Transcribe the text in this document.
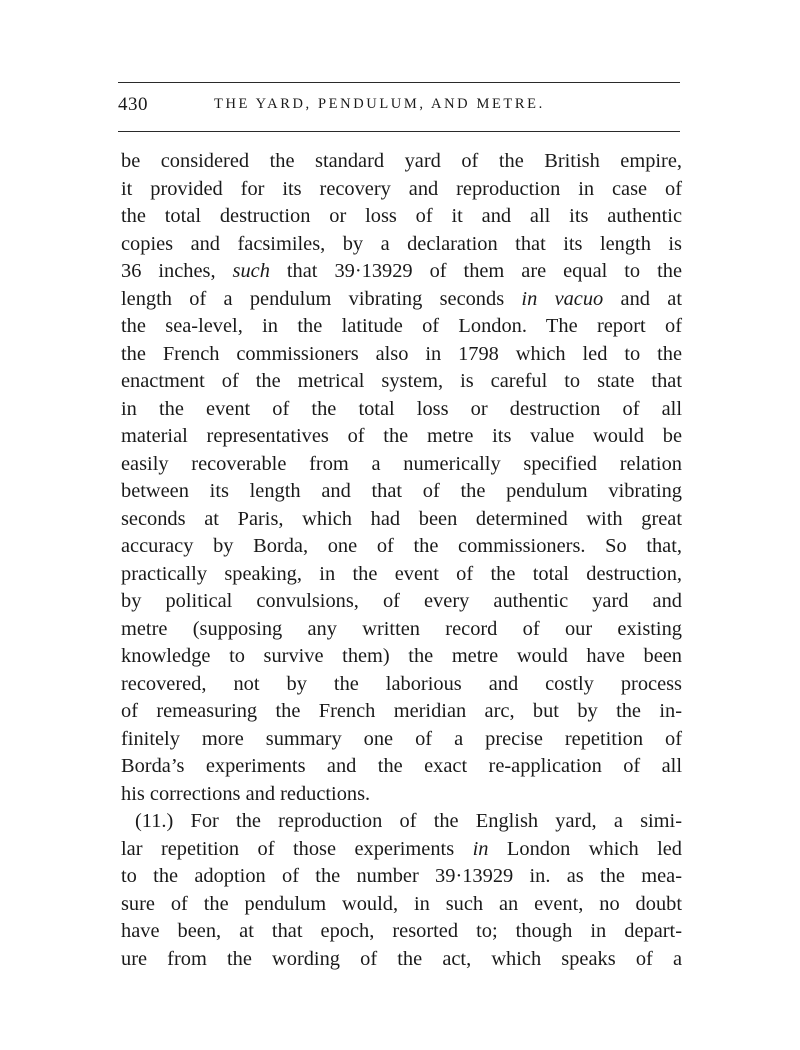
430	THE YARD, PENDULUM, AND METRE.
be considered the standard yard of the British empire,
it provided for its recovery and reproduction in case of
the total destruction or loss of it and all its authentic
copies and facsimiles, by a declaration that its length is
36 inches, such that 39·13929 of them are equal to the
length of a pendulum vibrating seconds in vacuo and at
the sea-level, in the latitude of London. The report of
the French commissioners also in 1798 which led to the
enactment of the metrical system, is careful to state that
in the event of the total loss or destruction of all
material representatives of the metre its value would be
easily recoverable from a numerically specified relation
between its length and that of the pendulum vibrating
seconds at Paris, which had been determined with great
accuracy by Borda, one of the commissioners. So that,
practically speaking, in the event of the total destruction,
by political convulsions, of every authentic yard and
metre (supposing any written record of our existing
knowledge to survive them) the metre would have been
recovered, not by the laborious and costly process
of remeasuring the French meridian arc, but by the in-
finitely more summary one of a precise repetition of
Borda’s experiments and the exact re-application of all
his corrections and reductions.
(11.) For the reproduction of the English yard, a simi-
lar repetition of those experiments in London which led
to the adoption of the number 39·13929 in. as the mea-
sure of the pendulum would, in such an event, no doubt
have been, at that epoch, resorted to; though in depart-
ure from the wording of the act, which speaks of a
